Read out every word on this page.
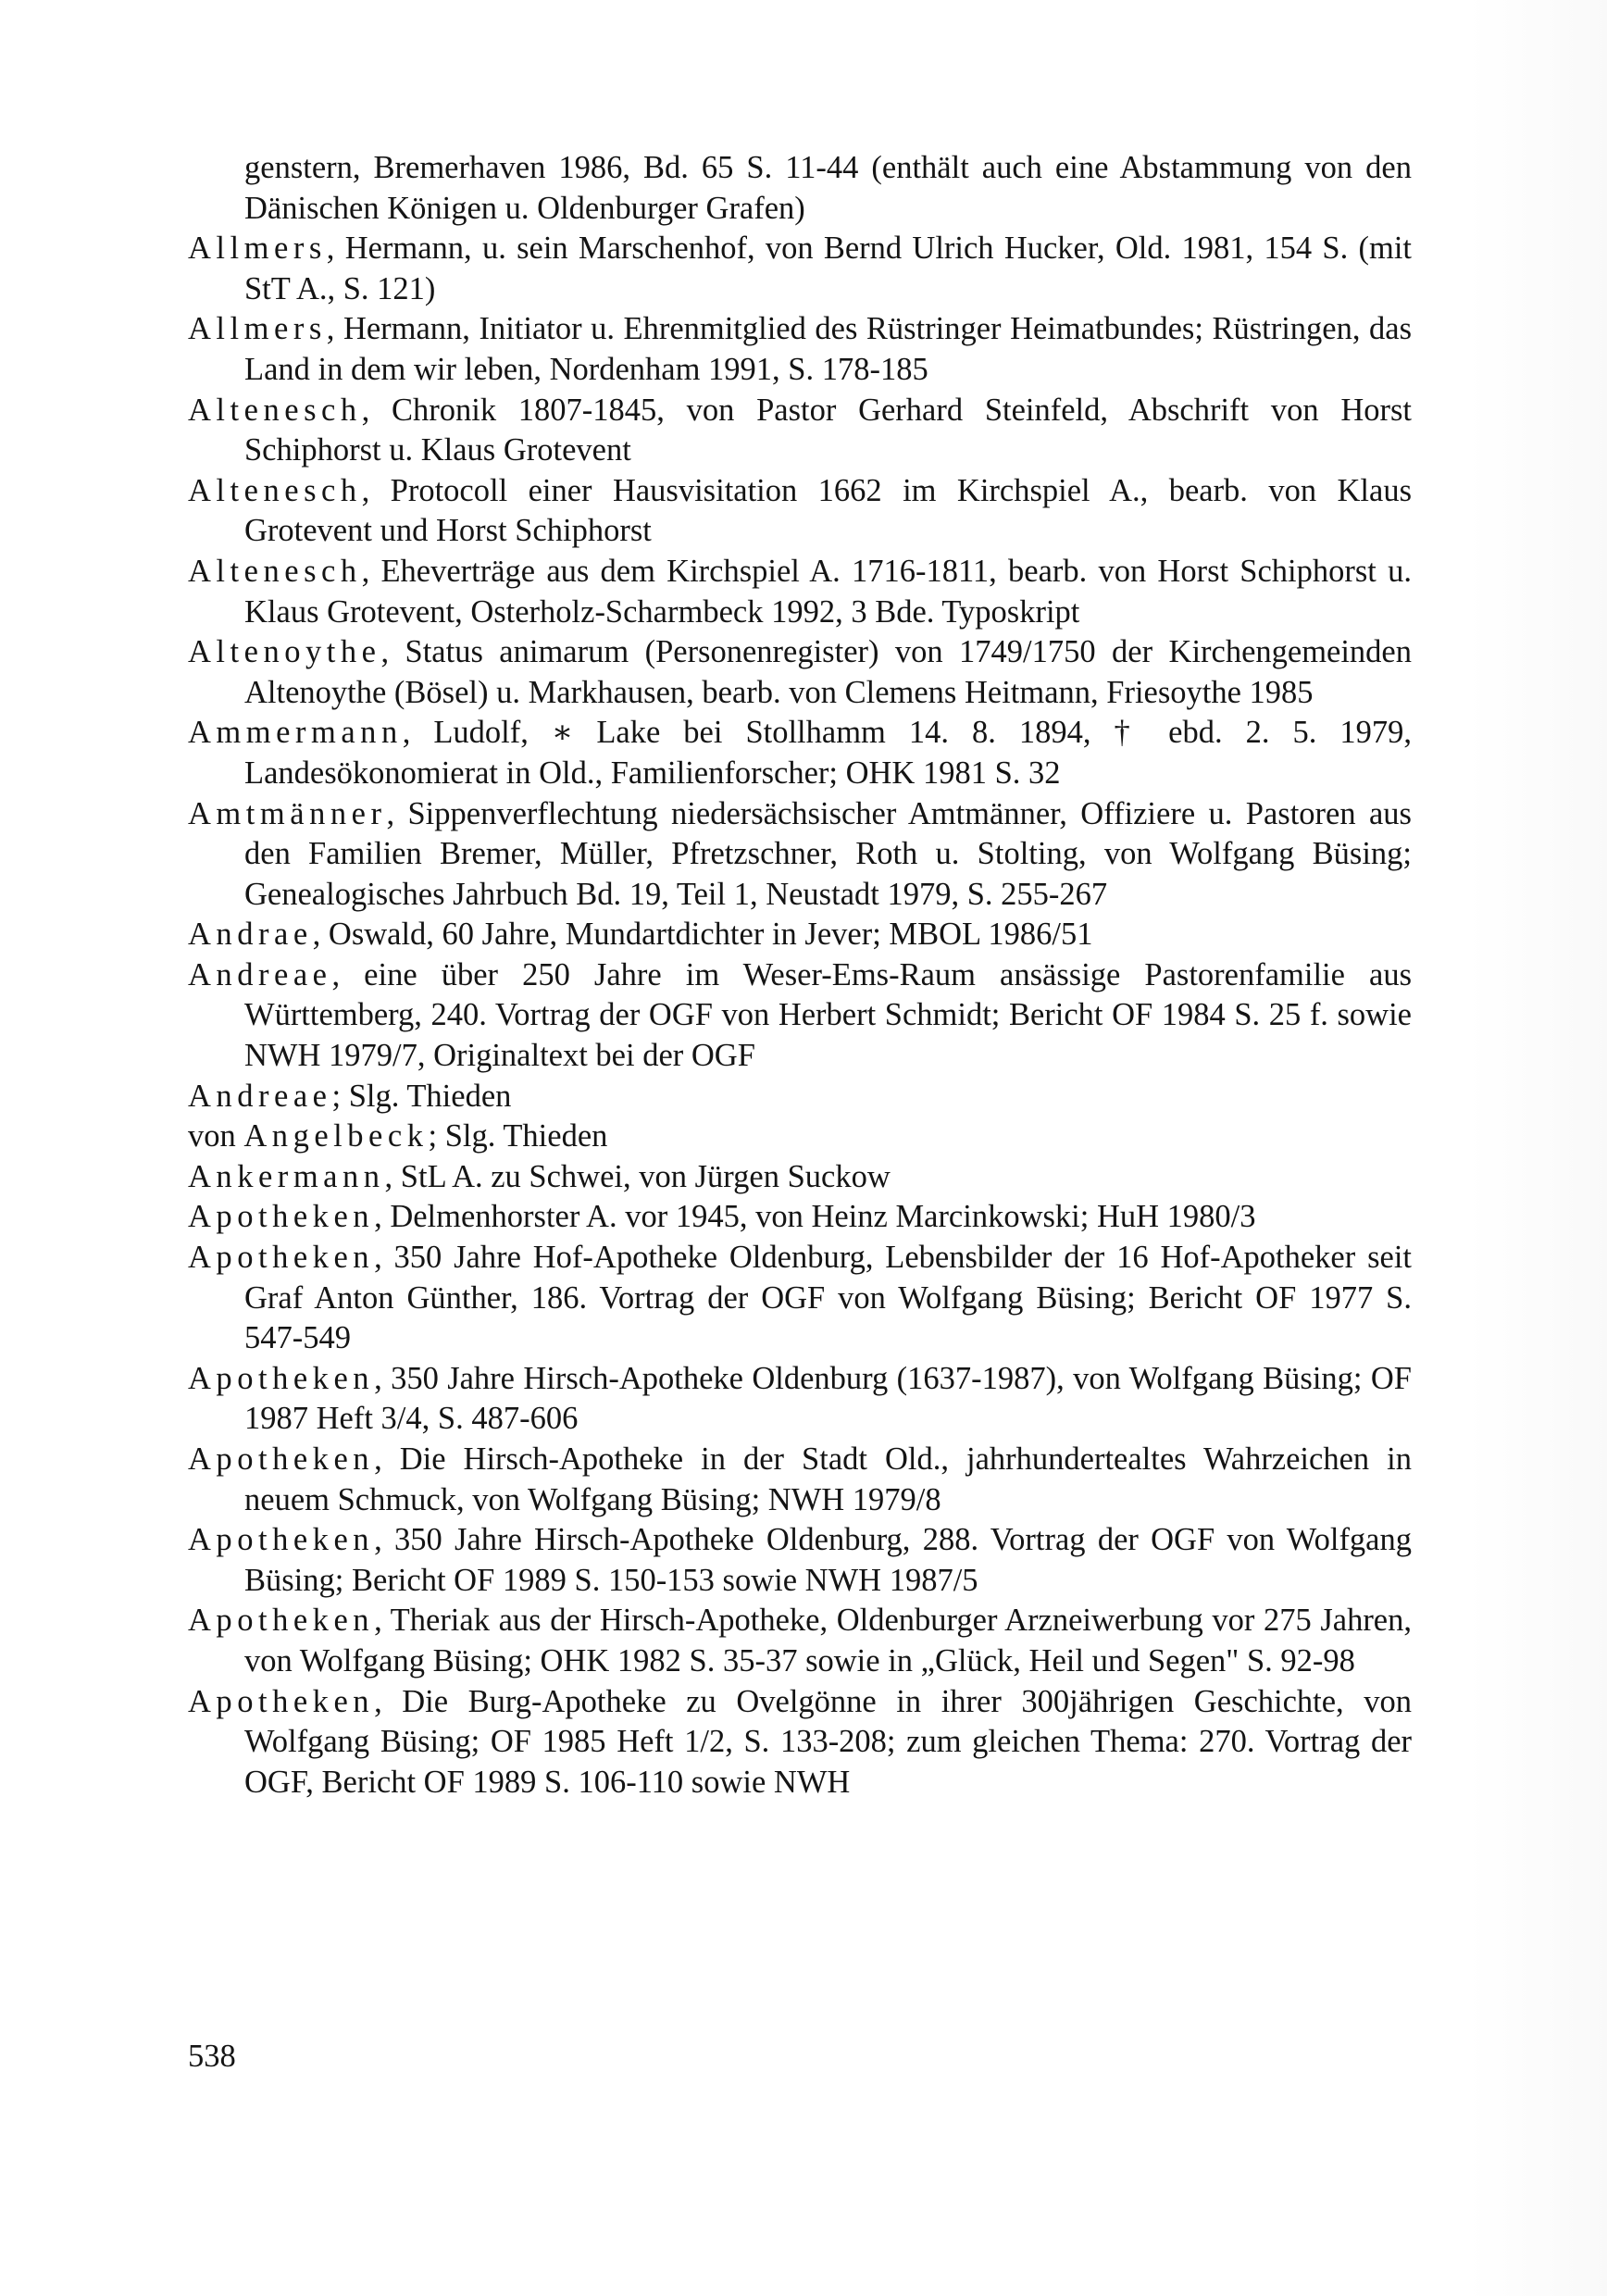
genstern, Bremerhaven 1986, Bd. 65 S. 11-44 (enthält auch eine Abstammung von den Dänischen Königen u. Oldenburger Grafen)

Allmers, Hermann, u. sein Marschenhof, von Bernd Ulrich Hucker, Old. 1981, 154 S. (mit StT A., S. 121)

Allmers, Hermann, Initiator u. Ehrenmitglied des Rüstringer Heimatbundes; Rüstringen, das Land in dem wir leben, Nordenham 1991, S. 178-185

Altenesch, Chronik 1807-1845, von Pastor Gerhard Steinfeld, Abschrift von Horst Schiphorst u. Klaus Grotevent

Altenesch, Protocoll einer Hausvisitation 1662 im Kirchspiel A., bearb. von Klaus Grotevent und Horst Schiphorst

Altenesch, Eheverträge aus dem Kirchspiel A. 1716-1811, bearb. von Horst Schiphorst u. Klaus Grotevent, Osterholz-Scharmbeck 1992, 3 Bde. Typoskript

Altenoythe, Status animarum (Personenregister) von 1749/1750 der Kirchengemeinden Altenoythe (Bösel) u. Markhausen, bearb. von Clemens Heitmann, Friesoythe 1985

Ammermann, Ludolf, ∗ Lake bei Stollhamm 14. 8. 1894, † ebd. 2. 5. 1979, Landesökonomierat in Old., Familienforscher; OHK 1981 S. 32

Amtmänner, Sippenverflechtung niedersächsischer Amtmänner, Offiziere u. Pastoren aus den Familien Bremer, Müller, Pfretzschner, Roth u. Stolting, von Wolfgang Büsing; Genealogisches Jahrbuch Bd. 19, Teil 1, Neustadt 1979, S. 255-267

Andrae, Oswald, 60 Jahre, Mundartdichter in Jever; MBOL 1986/51

Andreae, eine über 250 Jahre im Weser-Ems-Raum ansässige Pastorenfamilie aus Württemberg, 240. Vortrag der OGF von Herbert Schmidt; Bericht OF 1984 S. 25 f. sowie NWH 1979/7, Originaltext bei der OGF

Andreae; Slg. Thieden

von Angelbeck; Slg. Thieden

Ankermann, StL A. zu Schwei, von Jürgen Suckow

Apotheken, Delmenhorster A. vor 1945, von Heinz Marcinkowski; HuH 1980/3

Apotheken, 350 Jahre Hof-Apotheke Oldenburg, Lebensbilder der 16 Hof-Apotheker seit Graf Anton Günther, 186. Vortrag der OGF von Wolfgang Büsing; Bericht OF 1977 S. 547-549

Apotheken, 350 Jahre Hirsch-Apotheke Oldenburg (1637-1987), von Wolfgang Büsing; OF 1987 Heft 3/4, S. 487-606

Apotheken, Die Hirsch-Apotheke in der Stadt Old., jahrhundertealtes Wahrzeichen in neuem Schmuck, von Wolfgang Büsing; NWH 1979/8

Apotheken, 350 Jahre Hirsch-Apotheke Oldenburg, 288. Vortrag der OGF von Wolfgang Büsing; Bericht OF 1989 S. 150-153 sowie NWH 1987/5

Apotheken, Theriak aus der Hirsch-Apotheke, Oldenburger Arzneiwerbung vor 275 Jahren, von Wolfgang Büsing; OHK 1982 S. 35-37 sowie in „Glück, Heil und Segen" S. 92-98

Apotheken, Die Burg-Apotheke zu Ovelgönne in ihrer 300jährigen Geschichte, von Wolfgang Büsing; OF 1985 Heft 1/2, S. 133-208; zum gleichen Thema: 270. Vortrag der OGF, Bericht OF 1989 S. 106-110 sowie NWH

538
